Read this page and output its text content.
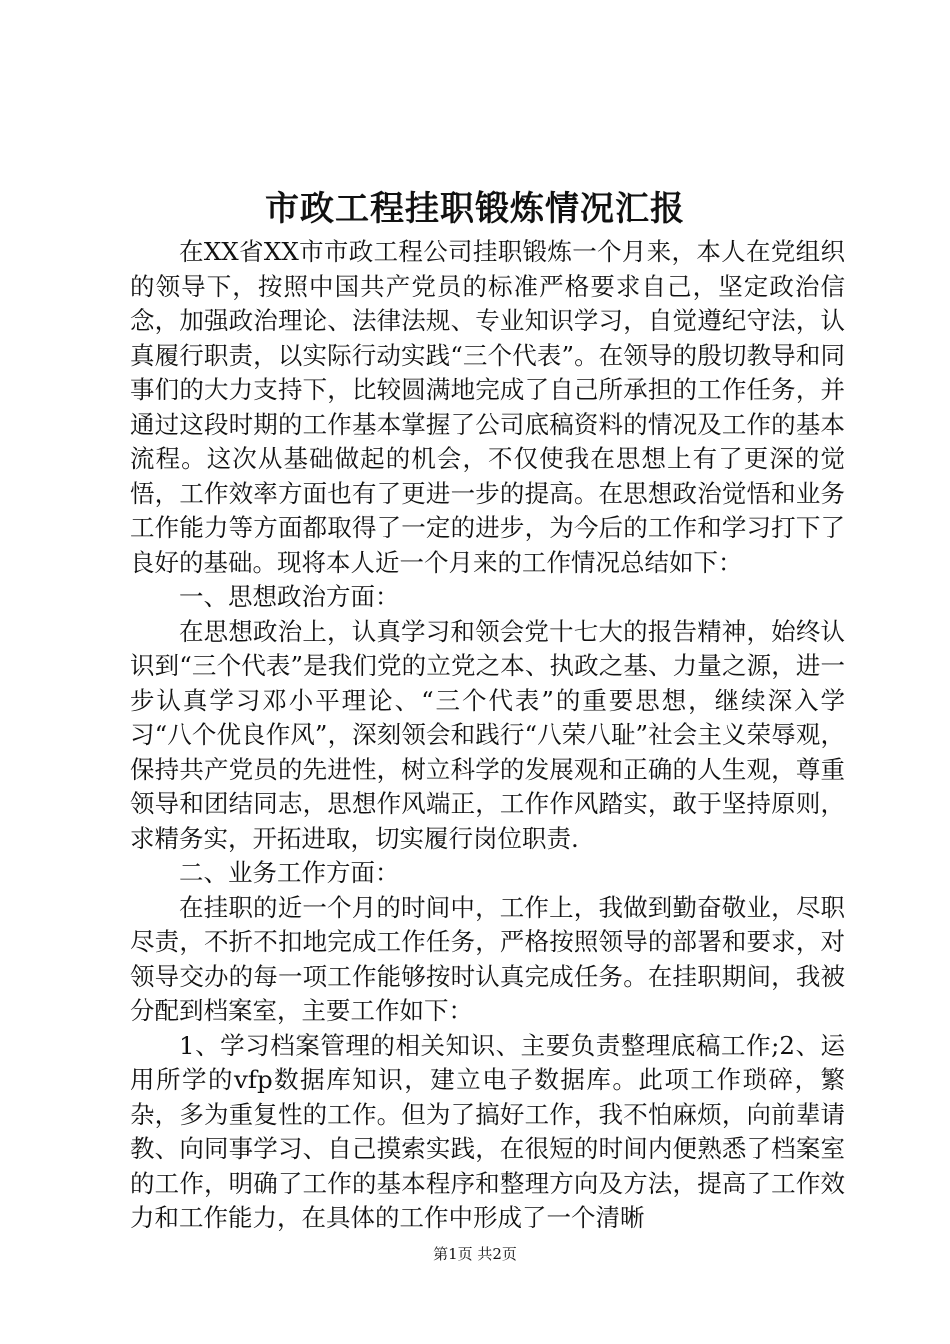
市政工程挂职锻炼情况汇报

在XX省XX市市政工程公司挂职锻炼一个月来，本人在党组织的领导下，按照中国共产党员的标准严格要求自己，坚定政治信念，加强政治理论、法律法规、专业知识学习，自觉遵纪守法，认真履行职责，以实际行动实践“三个代表”。在领导的殷切教导和同事们的大力支持下，比较圆满地完成了自己所承担的工作任务，并通过这段时期的工作基本掌握了公司底稿资料的情况及工作的基本流程。这次从基础做起的机会，不仅使我在思想上有了更深的觉悟，工作效率方面也有了更进一步的提高。在思想政治觉悟和业务工作能力等方面都取得了一定的进步，为今后的工作和学习打下了良好的基础。现将本人近一个月来的工作情况总结如下：

一、思想政治方面：

在思想政治上，认真学习和领会党十七大的报告精神，始终认识到“三个代表”是我们党的立党之本、执政之基、力量之源，进一步认真学习邓小平理论、“三个代表”的重要思想，继续深入学习“八个优良作风”，深刻领会和践行“八荣八耻”社会主义荣辱观，保持共产党员的先进性，树立科学的发展观和正确的人生观，尊重领导和团结同志，思想作风端正，工作作风踏实，敢于坚持原则，求精务实，开拓进取，切实履行岗位职责.

二、业务工作方面：

在挂职的近一个月的时间中，工作上，我做到勤奋敬业，尽职尽责，不折不扣地完成工作任务，严格按照领导的部署和要求，对领导交办的每一项工作能够按时认真完成任务。在挂职期间，我被分配到档案室，主要工作如下：

1、学习档案管理的相关知识、主要负责整理底稿工作;2、运用所学的vfp数据库知识，建立电子数据库。此项工作琐碎，繁杂，多为重复性的工作。但为了搞好工作，我不怕麻烦，向前辈请教、向同事学习、自己摸索实践，在很短的时间内便熟悉了档案室的工作，明确了工作的基本程序和整理方向及方法，提高了工作效力和工作能力，在具体的工作中形成了一个清晰

第1页 共2页
